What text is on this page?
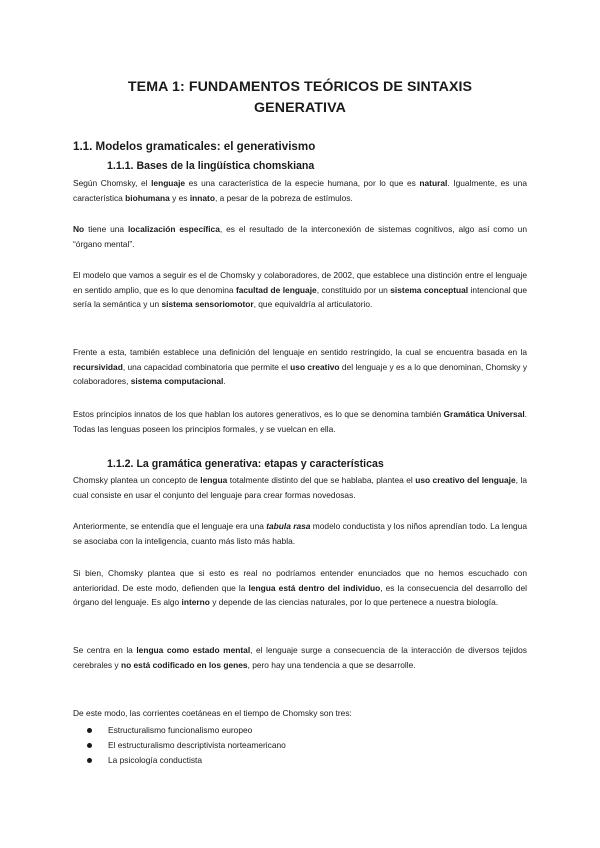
TEMA 1: FUNDAMENTOS TEÓRICOS DE SINTAXIS
GENERATIVA
1.1. Modelos gramaticales: el generativismo
1.1.1. Bases de la lingüística chomskiana
Según Chomsky, el lenguaje es una característica de la especie humana, por lo que es natural. Igualmente, es una característica biohumana y es innato, a pesar de la pobreza de estímulos.
No tiene una localización específica, es el resultado de la interconexión de sistemas cognitivos, algo así como un “órgano mental”.
El modelo que vamos a seguir es el de Chomsky y colaboradores, de 2002, que establece una distinción entre el lenguaje en sentido amplio, que es lo que denomina facultad de lenguaje, constituido por un sistema conceptual intencional que sería la semántica y un sistema sensoriomotor, que equivaldría al articulatorio.
Frente a esta, también establece una definición del lenguaje en sentido restringido, la cual se encuentra basada en la recursividad, una capacidad combinatoria que permite el uso creativo del lenguaje y es a lo que denominan, Chomsky y colaboradores, sistema computacional.
Estos principios innatos de los que hablan los autores generativos, es lo que se denomina también Gramática Universal. Todas las lenguas poseen los principios formales, y se vuelcan en ella.
1.1.2. La gramática generativa: etapas y características
Chomsky plantea un concepto de lengua totalmente distinto del que se hablaba, plantea el uso creativo del lenguaje, la cual consiste en usar el conjunto del lenguaje para crear formas novedosas.
Anteriormente, se entendía que el lenguaje era una tabula rasa modelo conductista y los niños aprendían todo. La lengua se asociaba con la inteligencia, cuanto más listo más habla.
Si bien, Chomsky plantea que si esto es real no podríamos entender enunciados que no hemos escuchado con anterioridad. De este modo, defienden que la lengua está dentro del individuo, es la consecuencia del desarrollo del órgano del lenguaje. Es algo interno y depende de las ciencias naturales, por lo que pertenece a nuestra biología.
Se centra en la lengua como estado mental, el lenguaje surge a consecuencia de la interacción de diversos tejidos cerebrales y no está codificado en los genes, pero hay una tendencia a que se desarrolle.
De este modo, las corrientes coetáneas en el tiempo de Chomsky son tres:
Estructuralismo funcionalismo europeo
El estructuralismo descriptivista norteamericano
La psicología conductista
